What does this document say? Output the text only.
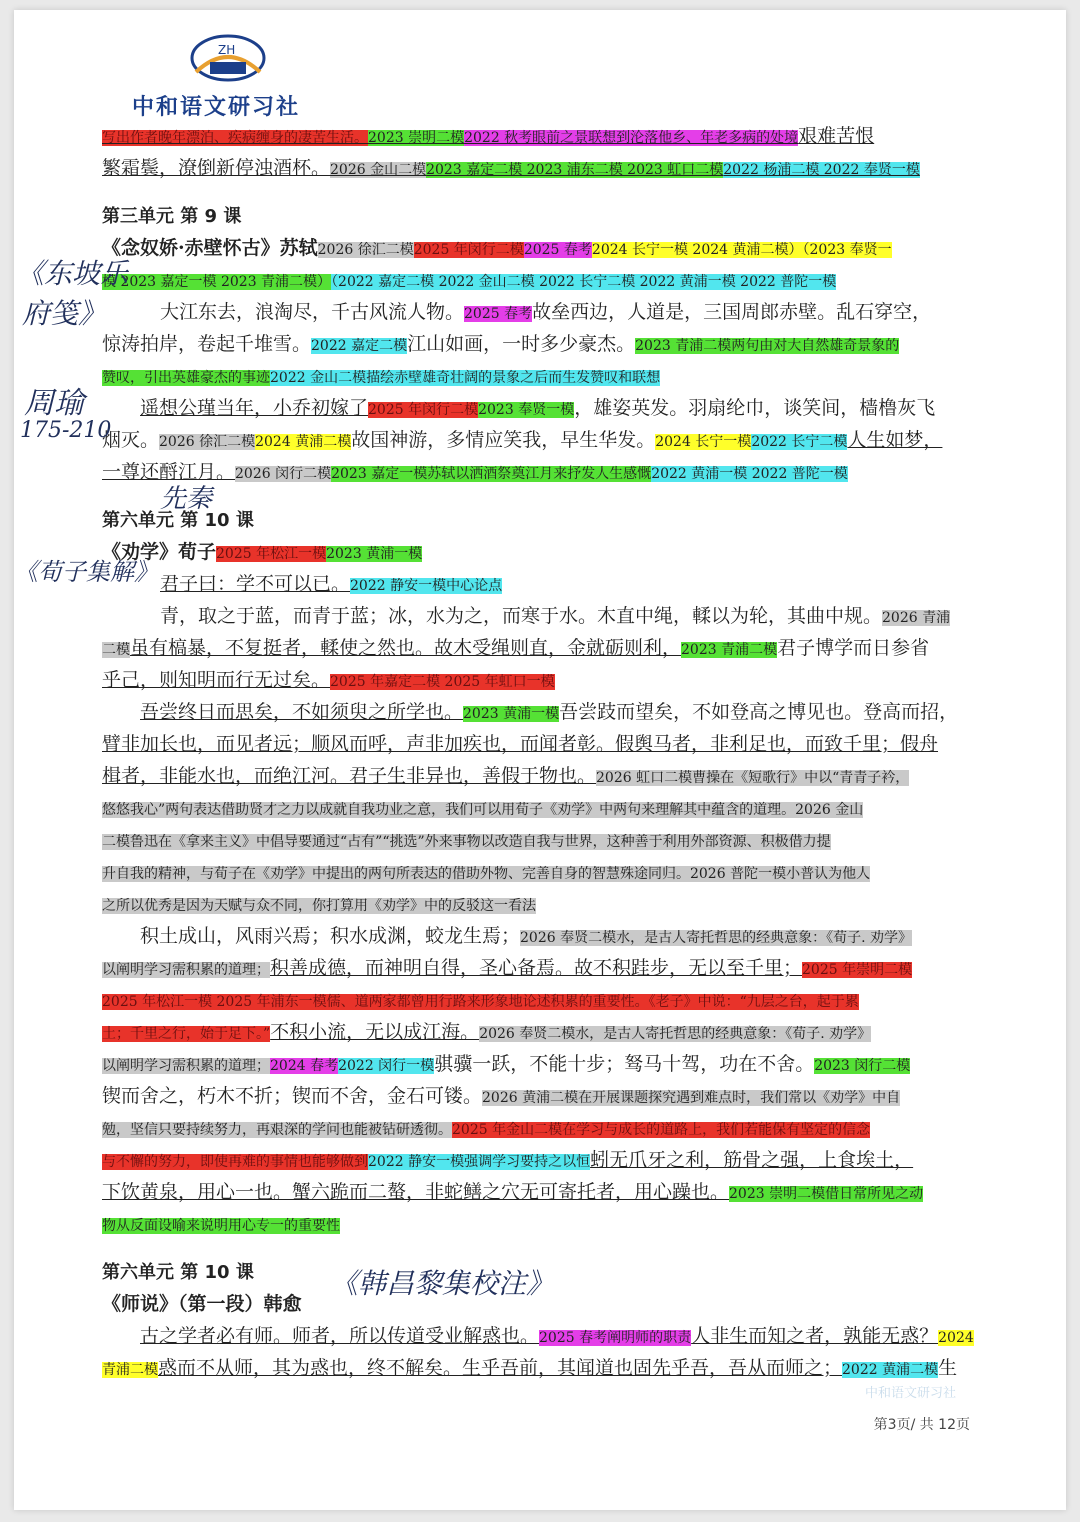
ZH
中和语文研习社
写出作者晚年漂泊、疾病缠身的凄苦生活。2023 崇明二模2022 秋考眼前之景联想到沦落他乡、年老多病的处境艰难苦恨
繁霜鬓，潦倒新停浊酒杯。2026 金山二模2023 嘉定二模 2023 浦东二模 2023 虹口二模2022 杨浦二模 2022 奉贤一模
第三单元 第 9 课
《念奴娇·赤壁怀古》苏轼2026 徐汇二模2025 年闵行二模2025 春考2024 长宁一模 2024 黄浦二模）（2023 奉贤一
模 2023 嘉定一模 2023 青浦二模）（2022 嘉定二模 2022 金山二模 2022 长宁二模 2022 黄浦一模 2022 普陀一模
大江东去，浪淘尽，千古风流人物。2025 春考故垒西边，人道是，三国周郎赤壁。乱石穿空，
惊涛拍岸，卷起千堆雪。2022 嘉定二模江山如画，一时多少豪杰。2023 青浦二模两句由对大自然雄奇景象的
赞叹，引出英雄豪杰的事迹2022 金山二模描绘赤壁雄奇壮阔的景象之后而生发赞叹和联想
遥想公瑾当年，小乔初嫁了2025 年闵行二模2023 奉贤一模，雄姿英发。羽扇纶巾，谈笑间，樯橹灰飞
烟灭。2026 徐汇二模2024 黄浦二模故国神游，多情应笑我，早生华发。2024 长宁一模2022 长宁二模人生如梦，
一尊还酹江月。2026 闵行二模2023 嘉定一模苏轼以洒酒祭奠江月来抒发人生感慨2022 黄浦一模 2022 普陀一模
第六单元 第 10 课
《劝学》荀子2025 年松江一模2023 黄浦一模
君子曰：学不可以已。2022 静安一模中心论点
青，取之于蓝，而青于蓝；冰，水为之，而寒于水。木直中绳，輮以为轮，其曲中规。2026 青浦
二模虽有槁暴，不复挺者，輮使之然也。故木受绳则直，金就砺则利，2023 青浦二模君子博学而日参省
乎己，则知明而行无过矣。2025 年嘉定二模 2025 年虹口一模
吾尝终日而思矣，不如须臾之所学也。2023 黄浦一模吾尝跂而望矣，不如登高之博见也。登高而招，
臂非加长也，而见者远；顺风而呼，声非加疾也，而闻者彰。假舆马者，非利足也，而致千里；假舟
楫者，非能水也，而绝江河。君子生非异也，善假于物也。2026 虹口二模曹操在《短歌行》中以“青青子衿，
悠悠我心”两句表达借助贤才之力以成就自我功业之意，我们可以用荀子《劝学》中两句来理解其中蕴含的道理。2026 金山
二模鲁迅在《拿来主义》中倡导要通过“占有”“挑选”外来事物以改造自我与世界，这种善于利用外部资源、积极借力提
升自我的精神，与荀子在《劝学》中提出的两句所表达的借助外物、完善自身的智慧殊途同归。2026 普陀一模小普认为他人
之所以优秀是因为天赋与众不同，你打算用《劝学》中的反驳这一看法
积土成山，风雨兴焉；积水成渊，蛟龙生焉；2026 奉贤二模水，是古人寄托哲思的经典意象：《荀子. 劝学》
以阐明学习需积累的道理；积善成德，而神明自得，圣心备焉。故不积跬步，无以至千里；2025 年崇明二模
2025 年松江一模 2025 年浦东一模儒、道两家都曾用行路来形象地论述积累的重要性。《老子》中说：“九层之台，起于累
土；千里之行，始于足下。”不积小流，无以成江海。2026 奉贤二模水，是古人寄托哲思的经典意象：《荀子. 劝学》
以阐明学习需积累的道理；2024 春考2022 闵行一模骐骥一跃，不能十步；驽马十驾，功在不舍。2023 闵行二模
锲而舍之，朽木不折；锲而不舍，金石可镂。2026 黄浦二模在开展课题探究遇到难点时，我们常以《劝学》中自
勉，坚信只要持续努力，再艰深的学问也能被钻研透彻。2025 年金山二模在学习与成长的道路上，我们若能保有坚定的信念
与不懈的努力，即使再难的事情也能够做到2022 静安一模强调学习要持之以恒蚓无爪牙之利，筋骨之强，上食埃土，
下饮黄泉，用心一也。蟹六跪而二螯，非蛇鳝之穴无可寄托者，用心躁也。2023 崇明二模借日常所见之动
物从反面设喻来说明用心专一的重要性
第六单元 第 10 课
《师说》（第一段）韩愈
古之学者必有师。师者，所以传道受业解惑也。2025 春考阐明师的职责人非生而知之者，孰能无惑？2024
青浦二模惑而不从师，其为惑也，终不解矣。生乎吾前，其闻道也固先乎吾，吾从而师之；2022 黄浦二模生
《东坡乐
府笺》
周瑜
175-210
先秦
《荀子集解》
《韩昌黎集校注》
中和语文研习社
第3页/ 共 12页
